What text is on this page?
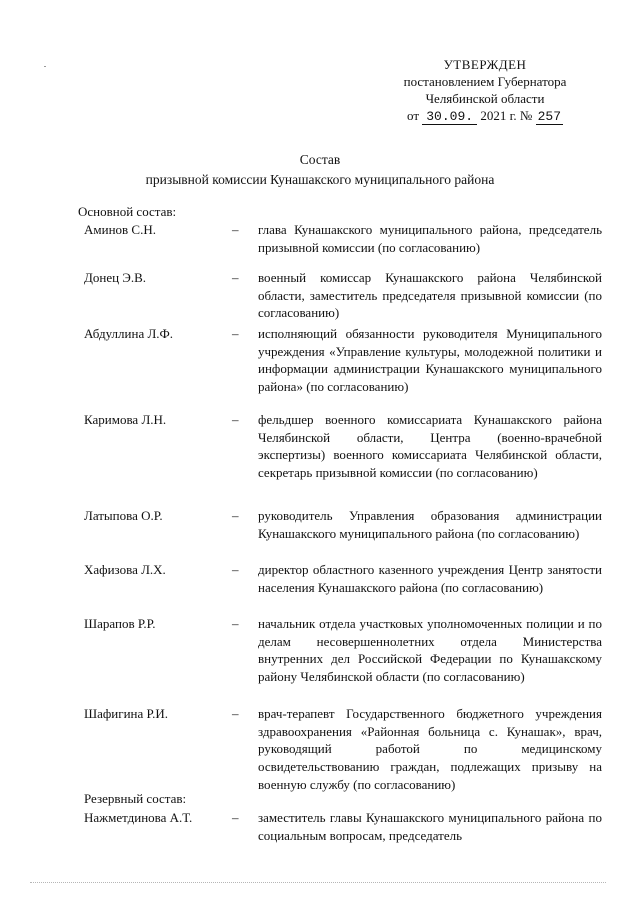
УТВЕРЖДЕН
постановлением Губернатора
Челябинской области
от 30.09. 2021 г. № 257
Состав
призывной комиссии Кунашакского муниципального района
Основной состав:
Аминов С.Н.	–	глава Кунашакского муниципального района, председатель призывной комиссии (по согласованию)
Донец Э.В.	–	военный комиссар Кунашакского района Челябинской области, заместитель председателя призывной комиссии (по согласованию)
Абдуллина Л.Ф.	–	исполняющий обязанности руководителя Муниципального учреждения «Управление культуры, молодежной политики и информации администрации Кунашакского муниципального района» (по согласованию)
Каримова Л.Н.	–	фельдшер военного комиссариата Кунашакского района Челябинской области, Центра (военно-врачебной экспертизы) военного комиссариата Челябинской области, секретарь призывной комиссии (по согласованию)
Латыпова О.Р.	–	руководитель Управления образования администрации Кунашакского муниципального района (по согласованию)
Хафизова Л.Х.	–	директор областного казенного учреждения Центр занятости населения Кунашакского района (по согласованию)
Шарапов Р.Р.	–	начальник отдела участковых уполномоченных полиции и по делам несовершеннолетних отдела Министерства внутренних дел Российской Федерации по Кунашакскому району Челябинской области (по согласованию)
Шафигина Р.И.	–	врач-терапевт Государственного бюджетного учреждения здравоохранения «Районная больница с. Кунашак», врач, руководящий работой по медицинскому освидетельствованию граждан, подлежащих призыву на военную службу (по согласованию)
Резервный состав:
Нажметдинова А.Т.	–	заместитель главы Кунашакского муниципального района по социальным вопросам, председатель
